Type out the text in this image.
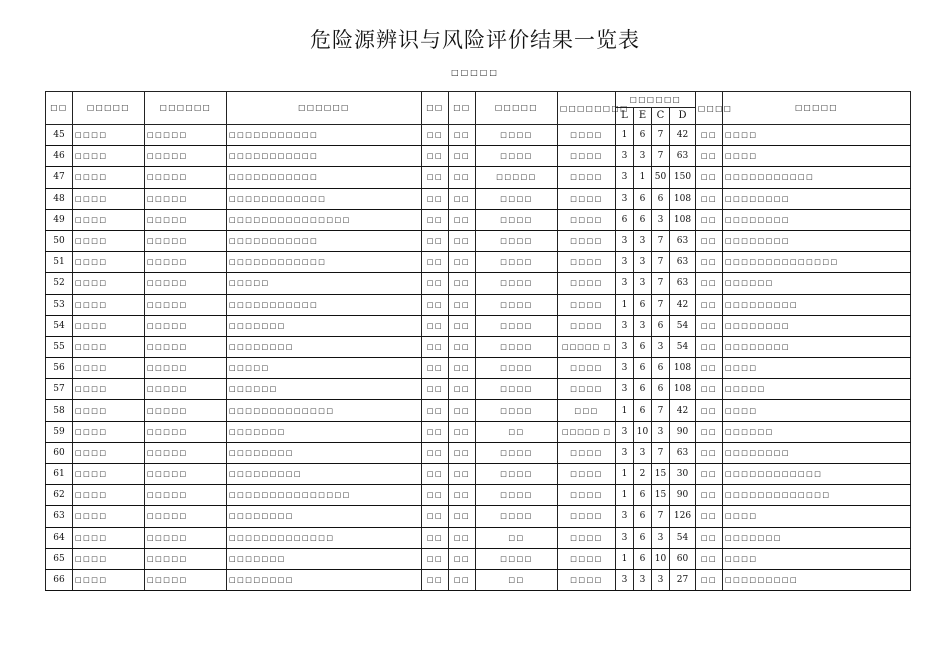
危险源辨识与风险评价结果一览表
□□□□□
□□	□□□□□	□□□□□□	□□□□□□	□□	□□	□□□□□	□□□□□□□□	□□□□□□				□□□□	□□□□□
								L	E	C	D		
45	□□□□	□□□□□	□□□□□□□□□□□	□□	□□	□□□□	□□□□	1	6	7	42	□□	□□□□
46	□□□□	□□□□□	□□□□□□□□□□□	□□	□□	□□□□	□□□□	3	3	7	63	□□	□□□□
47	□□□□	□□□□□	□□□□□□□□□□□	□□	□□	□□□□□	□□□□	3	1	50	150	□□	□□□□□□□□□□□
48	□□□□	□□□□□	□□□□□□□□□□□□	□□	□□	□□□□	□□□□	3	6	6	108	□□	□□□□□□□□
49	□□□□	□□□□□	□□□□□□□□□□□□□□□	□□	□□	□□□□	□□□□	6	6	3	108	□□	□□□□□□□□
50	□□□□	□□□□□	□□□□□□□□□□□	□□	□□	□□□□	□□□□	3	3	7	63	□□	□□□□□□□□
51	□□□□	□□□□□	□□□□□□□□□□□□	□□	□□	□□□□	□□□□	3	3	7	63	□□	□□□□□□□□□□□□□□
52	□□□□	□□□□□	□□□□□	□□	□□	□□□□	□□□□	3	3	7	63	□□	□□□□□□
53	□□□□	□□□□□	□□□□□□□□□□□	□□	□□	□□□□	□□□□	1	6	7	42	□□	□□□□□□□□□
54	□□□□	□□□□□	□□□□□□□	□□	□□	□□□□	□□□□	3	3	6	54	□□	□□□□□□□□
55	□□□□	□□□□□	□□□□□□□□	□□	□□	□□□□	□□□□□ □	3	6	3	54	□□	□□□□□□□□
56	□□□□	□□□□□	□□□□□	□□	□□	□□□□	□□□□	3	6	6	108	□□	□□□□
57	□□□□	□□□□□	□□□□□□	□□	□□	□□□□	□□□□	3	6	6	108	□□	□□□□□
58	□□□□	□□□□□	□□□□□□□□□□□□□	□□	□□	□□□□	□□□	1	6	7	42	□□	□□□□
59	□□□□	□□□□□	□□□□□□□	□□	□□	□□	□□□□□ □	3	10	3	90	□□	□□□□□□
60	□□□□	□□□□□	□□□□□□□□	□□	□□	□□□□	□□□□	3	3	7	63	□□	□□□□□□□□
61	□□□□	□□□□□	□□□□□□□□□	□□	□□	□□□□	□□□□	1	2	15	30	□□	□□□□□□□□□□□□
62	□□□□	□□□□□	□□□□□□□□□□□□□□□	□□	□□	□□□□	□□□□	1	6	15	90	□□	□□□□□□□□□□□□□
63	□□□□	□□□□□	□□□□□□□□	□□	□□	□□□□	□□□□	3	6	7	126	□□	□□□□
64	□□□□	□□□□□	□□□□□□□□□□□□□	□□	□□	□□	□□□□	3	6	3	54	□□	□□□□□□□
65	□□□□	□□□□□	□□□□□□□	□□	□□	□□□□	□□□□	1	6	10	60	□□	□□□□
66	□□□□	□□□□□	□□□□□□□□	□□	□□	□□	□□□□	3	3	3	27	□□	□□□□□□□□□
